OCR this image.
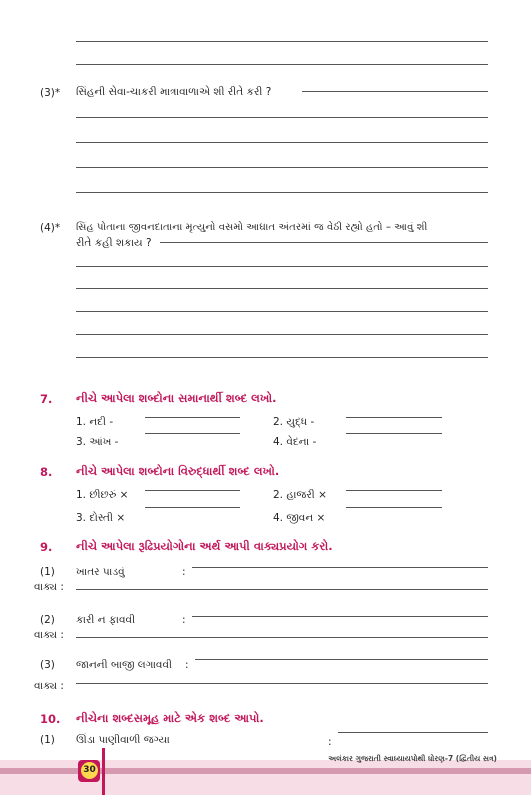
(3)* સિંહની સેવા-ચાકરી માત્રાવાળાએ શી રીતે કરી ?
(4)* સિંહ પોતાના જીવનદાતાના મૃત્યુનો વસમો આઘાત અંતરમાં જ વેઠી રહ્યો હતો – આવું શી
રીતે કહી શકાય ?
7. નીચે આપેલા શબ્દોના સમાનાર્થી શબ્દ લખો.
1. નદી -	2. યુદ્ધ -
3. આંખ -	4. વેદના -
8. નીચે આપેલા શબ્દોના વિરુદ્ધાર્થી શબ્દ લખો.
1. છીછરું ×	2. હાજરી ×
3. દોસ્તી ×	4. જીવન ×
9. નીચે આપેલા રૂઢિપ્રયોગોના અર્થ આપી વાક્યપ્રયોગ કરો.
(1) ખાતર પાડવું	:
વાક્ય :
(2) કારી ન ફાવવી	:
વાક્ય :
(3) જાનની બાજી લગાવવી :
વાક્ય :
10. નીચેના શબ્દસમૂહ માટે એક શબ્દ આપો.
(1) ઊંડા પાણીવાળી જગ્યા	:
30
અલંકાર ગુજરાતી સ્વાધ્યાયપોથી ધોરણ-7 (દ્વિતીય સત્ર)
